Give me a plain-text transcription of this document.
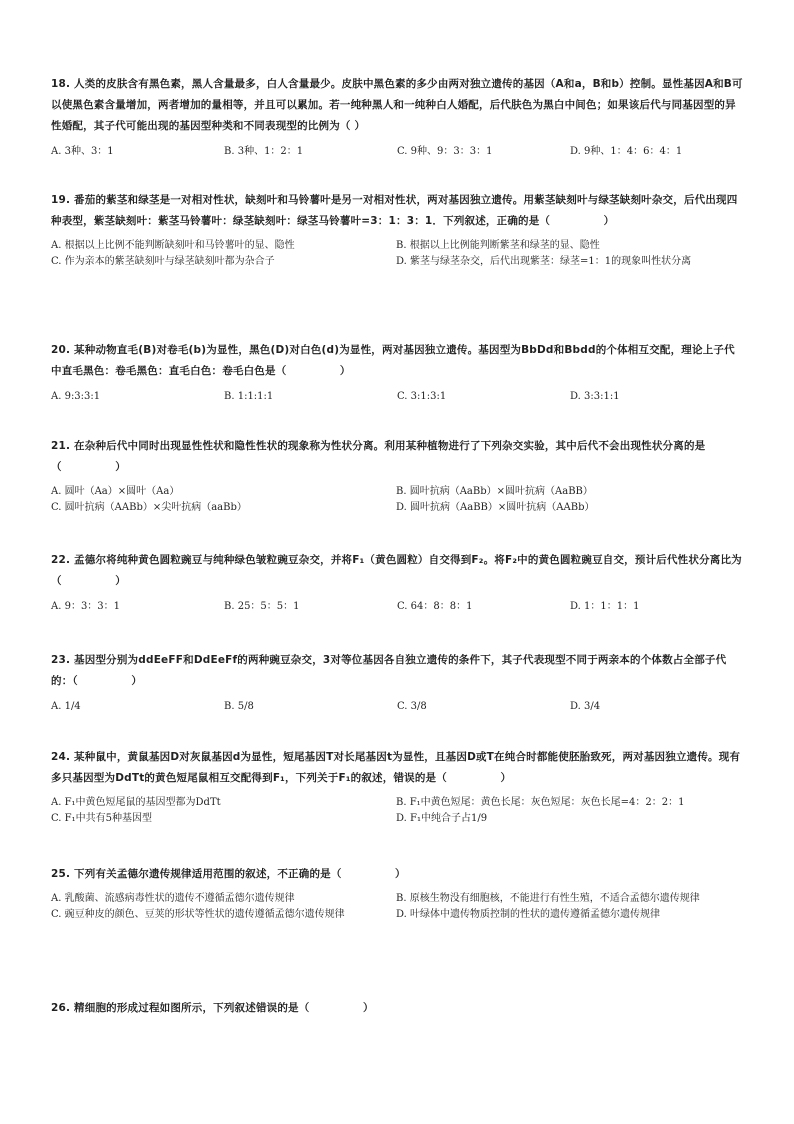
18. 人类的皮肤含有黑色素，黑人含量最多，白人含量最少。皮肤中黑色素的多少由两对独立遗传的基因（A和a，B和b）控制。显性基因A和B可以使黑色素含量增加，两者增加的量相等，并且可以累加。若一纯种黑人和一纯种白人婚配，后代肤色为黑白中间色；如果该后代与同基因型的异性婚配，其子代可能出现的基因型种类和不同表现型的比例为（ ）

A. 3种、3：1	B. 3种、1：2：1	C. 9种、9：3：3：1	D. 9种、1：4：6：4：1

19. 番茄的紫茎和绿茎是一对相对性状，缺刻叶和马铃薯叶是另一对相对性状，两对基因独立遗传。用紫茎缺刻叶与绿茎缺刻叶杂交，后代出现四种表型，紫茎缺刻叶：紫茎马铃薯叶：绿茎缺刻叶：绿茎马铃薯叶=3：1：3：1．下列叙述，正确的是（　　　　　）

A. 根据以上比例不能判断缺刻叶和马铃薯叶的显、隐性	B. 根据以上比例能判断紫茎和绿茎的显、隐性
C. 作为亲本的紫茎缺刻叶与绿茎缺刻叶都为杂合子	D. 紫茎与绿茎杂交，后代出现紫茎：绿茎=1：1的现象叫性状分离

20. 某种动物直毛(B)对卷毛(b)为显性，黑色(D)对白色(d)为显性，两对基因独立遗传。基因型为BbDd和Bbdd的个体相互交配，理论上子代中直毛黑色：卷毛黑色：直毛白色：卷毛白色是（　　　　　）

A. 9:3:3:1	B. 1:1:1:1	C. 3:1:3:1	D. 3:3:1:1

21. 在杂种后代中同时出现显性性状和隐性性状的现象称为性状分离。利用某种植物进行了下列杂交实验，其中后代不会出现性状分离的是（　　　　　）

A. 圆叶（Aa）×圆叶（Aa）	B. 圆叶抗病（AaBb）×圆叶抗病（AaBB）
C. 圆叶抗病（AABb）×尖叶抗病（aaBb）	D. 圆叶抗病（AaBB）×圆叶抗病（AABb）

22. 孟德尔将纯种黄色圆粒豌豆与纯种绿色皱粒豌豆杂交，并将F₁（黄色圆粒）自交得到F₂。将F₂中的黄色圆粒豌豆自交，预计后代性状分离比为（　　　　　）

A. 9：3：3：1	B. 25：5：5：1	C. 64：8：8：1	D. 1：1：1：1

23. 基因型分别为ddEeFF和DdEeFf的两种豌豆杂交，3对等位基因各自独立遗传的条件下，其子代表现型不同于两亲本的个体数占全部子代的：（　　　　　）

A. 1/4	B. 5/8	C. 3/8	D. 3/4

24. 某种鼠中，黄鼠基因D对灰鼠基因d为显性，短尾基因T对长尾基因t为显性，且基因D或T在纯合时都能使胚胎致死，两对基因独立遗传。现有多只基因型为DdTt的黄色短尾鼠相互交配得到F₁，下列关于F₁的叙述，错误的是（　　　　　）

A. F₁中黄色短尾鼠的基因型都为DdTt	B. F₁中黄色短尾：黄色长尾：灰色短尾：灰色长尾=4：2：2：1
C. F₁中共有5种基因型	D. F₁中纯合子占1/9

25. 下列有关孟德尔遗传规律适用范围的叙述，不正确的是（　　　　　）

A. 乳酸菌、流感病毒性状的遗传不遵循孟德尔遗传规律	B. 原核生物没有细胞核，不能进行有性生殖，不适合孟德尔遗传规律
C. 豌豆种皮的颜色、豆荚的形状等性状的遗传遵循孟德尔遗传规律	D. 叶绿体中遗传物质控制的性状的遗传遵循孟德尔遗传规律

26. 精细胞的形成过程如图所示，下列叙述错误的是（　　　　　）
